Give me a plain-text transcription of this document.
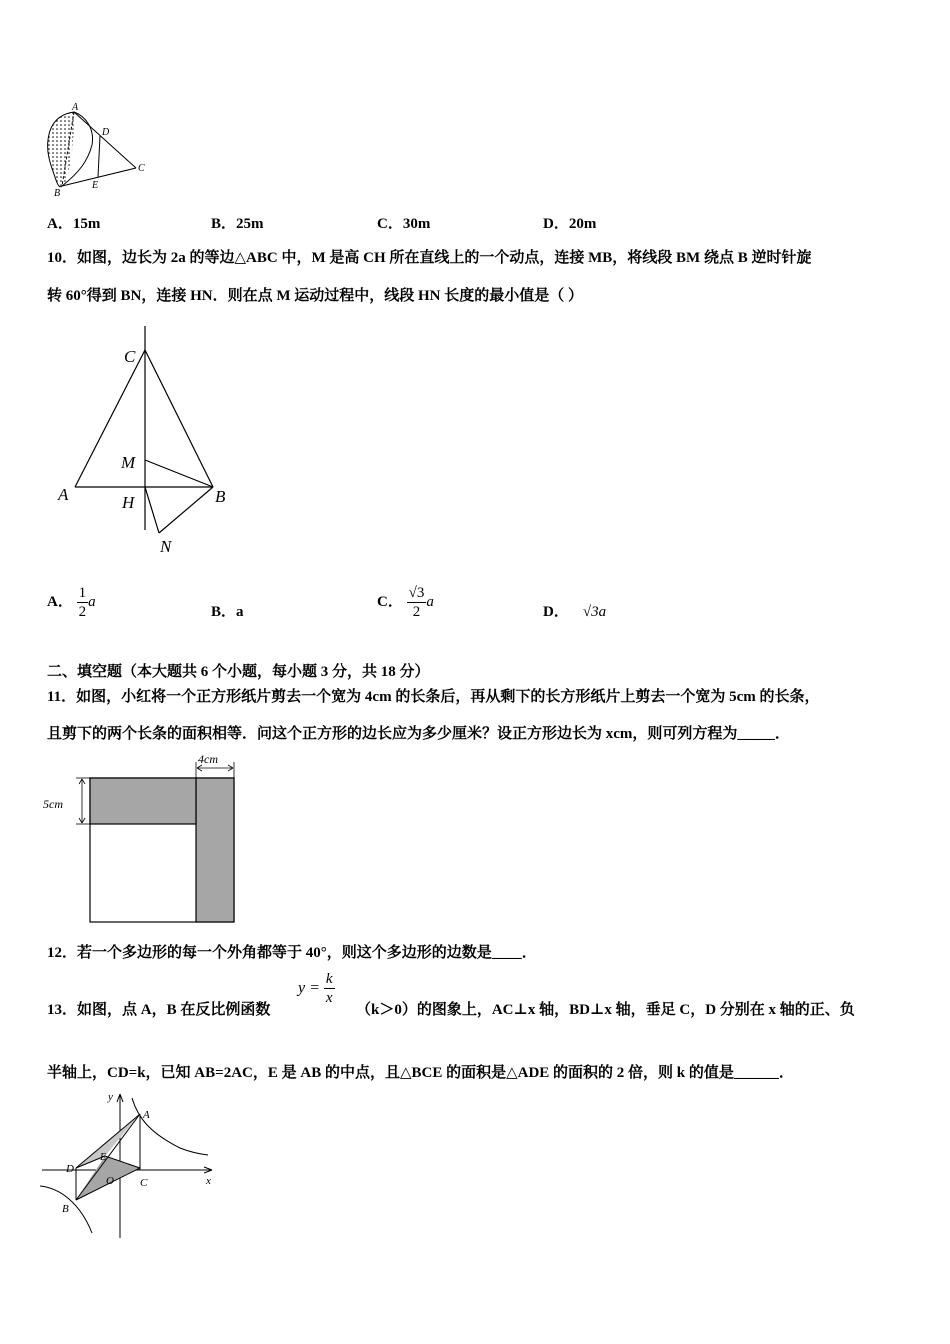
A
B
C
D
E
A．15m	B．25m	C．30m	D．20m
10．如图，边长为 2a 的等边△ABC 中，M 是高 CH 所在直线上的一个动点，连接 MB，将线段 BM 绕点 B 逆时针旋
转 60°得到 BN，连接 HN．则在点 M 运动过程中，线段 HN 长度的最小值是（ ）
C
M
A	H	B
N
A． $\frac{1}{2}$ a
B．a
C． $\frac{√3}{2}$ a
D． √3a
二、填空题（本大题共 6 个小题，每小题 3 分，共 18 分）
11．如图，小红将一个正方形纸片剪去一个宽为 4cm 的长条后，再从剩下的长方形纸片上剪去一个宽为 5cm 的长条，
且剪下的两个长条的面积相等．问这个正方形的边长应为多少厘米？设正方形边长为 xcm，则可列方程为_____．
4cm
5cm
12．若一个多边形的每一个外角都等于 40°，则这个多边形的边数是____．
13．如图，点 A，B 在反比例函数
$y = \frac{k}{x}$
（k＞0）的图象上，AC⊥x 轴，BD⊥x 轴，垂足 C，D 分别在 x 轴的正、负
半轴上，CD=k，已知 AB=2AC，E 是 AB 的中点，且△BCE 的面积是△ADE 的面积的 2 倍，则 k 的值是______．
y
A
E
D
O C	x
B
